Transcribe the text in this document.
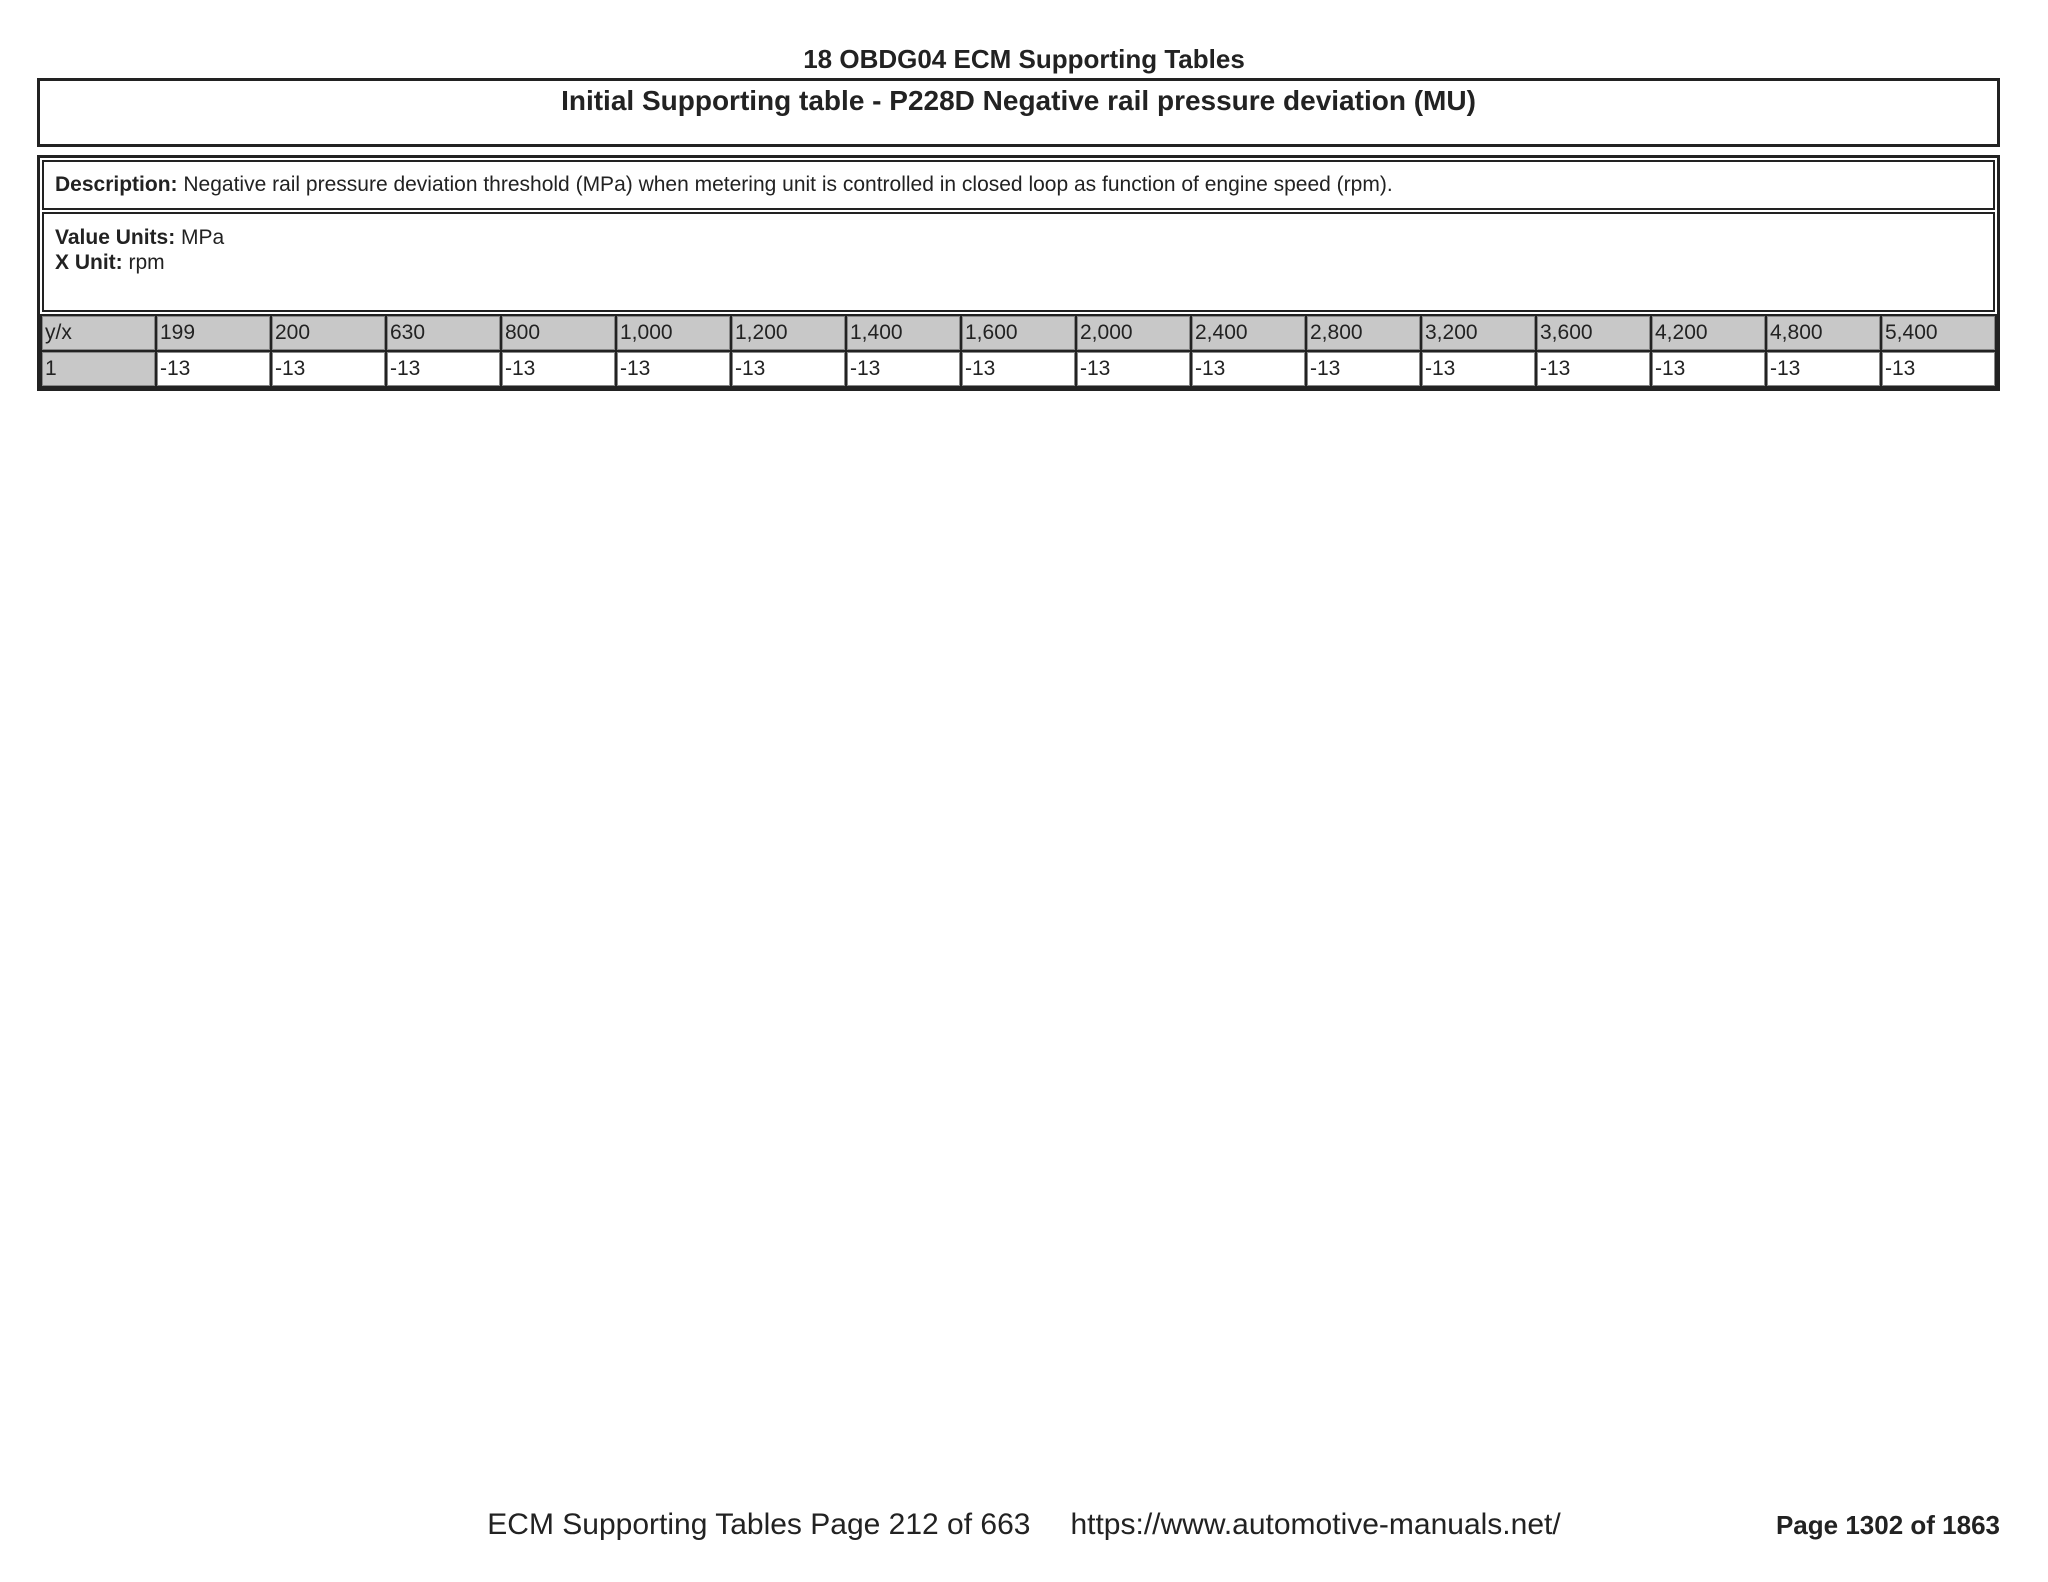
18 OBDG04 ECM Supporting Tables
Initial Supporting table - P228D Negative rail pressure deviation (MU)
Description: Negative rail pressure deviation threshold (MPa) when metering unit is controlled in closed loop as function of engine speed (rpm).
Value Units: MPa
X Unit: rpm
y/x	199	200	630	800	1,000	1,200	1,400	1,600	2,000	2,400	2,800	3,200	3,600	4,200	4,800	5,400
1	-13	-13	-13	-13	-13	-13	-13	-13	-13	-13	-13	-13	-13	-13	-13	-13
ECM Supporting Tables Page 212 of 663 https://www.automotive-manuals.net/	Page 1302 of 1863
